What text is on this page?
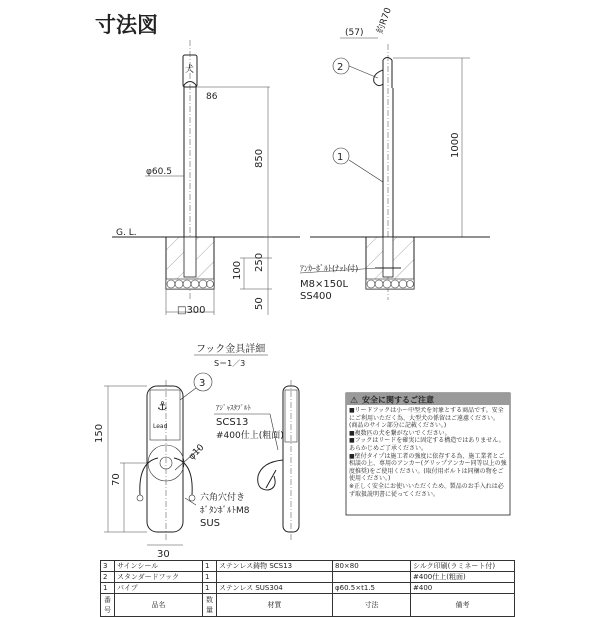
寸法図
犬
86
φ60.5
G. L.
850
250
100
50
□300
(57) 約R70
2
1	1000
ｱﾝｶｰﾎﾞﾙﾄ(ﾅｯﾄ付)
M8×150L
SS400
フック金具詳細
S＝1／3
⚓
Lead
3
150
70
30
φ10
ｱｼﾞｬｽﾀﾌﾞﾙﾄ
SCS13
#400仕上(粗面)
六角穴付き
ﾎﾞﾀﾝﾎﾞﾙﾄM8
SUS
⚠ 安全に関するご注意
■リードフックは小～中型犬を対象とする商品です。安全にご利用いただく為、大型犬の係留はご遠慮ください。(商品のサイン部分に記載ください。)
■複数匹の犬を繋がないでください。
■フックはリードを確実に固定する構造ではありません。あらかじめご了承ください。
■壁付タイプは施工者の強度に依存する為、施工業者とご相談の上、専用のアンカー(グリップアンカー同等以上の強度推奨)をご使用ください。(取付用ボルトは同梱の物をご使用ください。)
※正しく安全にお使いいただくため、製品のお手入れは必ず取扱説明書に従ってください。
3	サインシール	1	ステンレス鋳物 SCS13	80×80	シルク印刷(ラミネート付)
2	スタンダードフック	1			#400仕上(粗面)
1	パイプ	1	ステンレス SUS304	φ60.5×t1.5	#400
番号	品名	数量	材質	寸法	備考
